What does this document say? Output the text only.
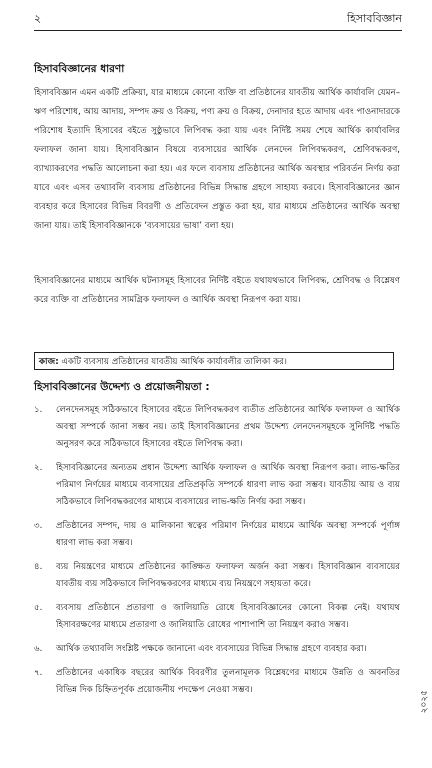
২	হিসাববিজ্ঞান
হিসাববিজ্ঞানের ধারণা

হিসাববিজ্ঞান এমন একটি প্রক্রিয়া, যার মাধ্যমে কোনো ব্যক্তি বা প্রতিষ্ঠানের যাবতীয় আর্থিক কার্যাবলি যেমন– ঋণ পরিশোধ, আয় আদায়, সম্পদ ক্রয় ও বিক্রয়, পণ্য ক্রয় ও বিক্রয়, দেনাদার হতে আদায় এবং পাওনাদারকে পরিশোধ ইত্যাদি হিসাবের বইতে সুষ্ঠুভাবে লিপিবদ্ধ করা যায় এবং নির্দিষ্ট সময় শেষে আর্থিক কার্যাবলির ফলাফল জানা যায়। হিসাববিজ্ঞান বিষয়ে ব্যবসায়ের আর্থিক লেনদেন লিপিবদ্ধকরণ, শ্রেণিবদ্ধকরণ, ব্যাখ্যাকরণের পদ্ধতি আলোচনা করা হয়। এর ফলে ব্যবসায় প্রতিষ্ঠানের আর্থিক অবস্থার পরিবর্তন নির্ণয় করা যাবে এবং এসব তথ্যাবলি ব্যবসায় প্রতিষ্ঠানের বিভিন্ন সিদ্ধান্ত গ্রহণে সাহায্য করবে। হিসাববিজ্ঞানের জ্ঞান ব্যবহার করে হিসাবের বিভিন্ন বিবরণী ও প্রতিবেদন প্রস্তুত করা হয়, যার মাধ্যমে প্রতিষ্ঠানের আর্থিক অবস্থা জানা যায়। তাই হিসাববিজ্ঞানকে ‘ব্যবসায়ের ভাষা’ বলা হয়।

হিসাববিজ্ঞানের মাধ্যমে আর্থিক ঘটনাসমূহ হিসাবের নির্দিষ্ট বইতে যথাযথভাবে লিপিবদ্ধ, শ্রেণিবদ্ধ ও বিশ্লেষণ করে ব্যক্তি বা প্রতিষ্ঠানের সামগ্রিক ফলাফল ও আর্থিক অবস্থা নিরূপণ করা যায়।

কাজ: একটি ব্যবসায় প্রতিষ্ঠানের যাবতীয় আর্থিক কার্যাবলীর তালিকা কর।
হিসাববিজ্ঞানের উদ্দেশ্য ও প্রয়োজনীয়তা :
১. লেনদেনসমূহ সঠিকভাবে হিসাবের বইতে লিপিবদ্ধকরণ ব্যতীত প্রতিষ্ঠানের আর্থিক ফলাফল ও আর্থিক অবস্থা সম্পর্কে জানা সম্ভব নয়। তাই হিসাববিজ্ঞানের প্রথম উদ্দেশ্য লেনদেনসমূহকে সুনির্দিষ্ট পদ্ধতি অনুসরণ করে সঠিকভাবে হিসাবের বইতে লিপিবদ্ধ করা।
২. হিসাববিজ্ঞানের অন্যতম প্রধান উদ্দেশ্য আর্থিক ফলাফল ও আর্থিক অবস্থা নিরূপণ করা। লাভ-ক্ষতির পরিমাণ নির্ণয়ের মাধ্যমে ব্যবসায়ের প্রতিপ্রকৃতি সম্পর্কে ধারণা লাভ করা সম্ভব। যাবতীয় আয় ও ব্যয় সঠিকভাবে লিপিবদ্ধকরণের মাধ্যমে ব্যবসায়ের লাভ-ক্ষতি নির্ণয় করা সম্ভব।
৩. প্রতিষ্ঠানের সম্পদ, দায় ও মালিকানা স্বত্বের পরিমাণ নির্ণয়ের মাধ্যমে আর্থিক অবস্থা সম্পর্কে পূর্ণাঙ্গ ধারণা লাভ করা সম্ভব।
৪. ব্যয় নিয়ন্ত্রণের মাধ্যমে প্রতিষ্ঠানের কাঙ্ক্ষিত ফলাফল অর্জন করা সম্ভব। হিসাববিজ্ঞান ব্যবসায়ের যাবতীয় ব্যয় সঠিকভাবে লিপিবদ্ধকরণের মাধ্যমে ব্যয় নিয়ন্ত্রণে সহায়তা করে।
৫. ব্যবসায় প্রতিষ্ঠানে প্রতারণা ও জালিয়াতি রোধে হিসাববিজ্ঞানের কোনো বিকল্প নেই। যথাযথ হিসাবরক্ষণের মাধ্যমে প্রতারণা ও জালিয়াতি রোধের পাশাপাশি তা নিয়ন্ত্রণ করাও সম্ভব।
৬. আর্থিক তথ্যাবলি সংশ্লিষ্ট পক্ষকে জানানো এবং ব্যবসায়ের বিভিন্ন সিদ্ধান্ত গ্রহণে ব্যবহার করা।
৭. প্রতিষ্ঠানের একাধিক বছরের আর্থিক বিবরণীর তুলনামূলক বিশ্লেষণের মাধ্যমে উন্নতি ও অবনতির বিভিন্ন দিক চিহ্নিতপূর্বক প্রয়োজনীয় পদক্ষেপ নেওয়া সম্ভব।	২০২৫
